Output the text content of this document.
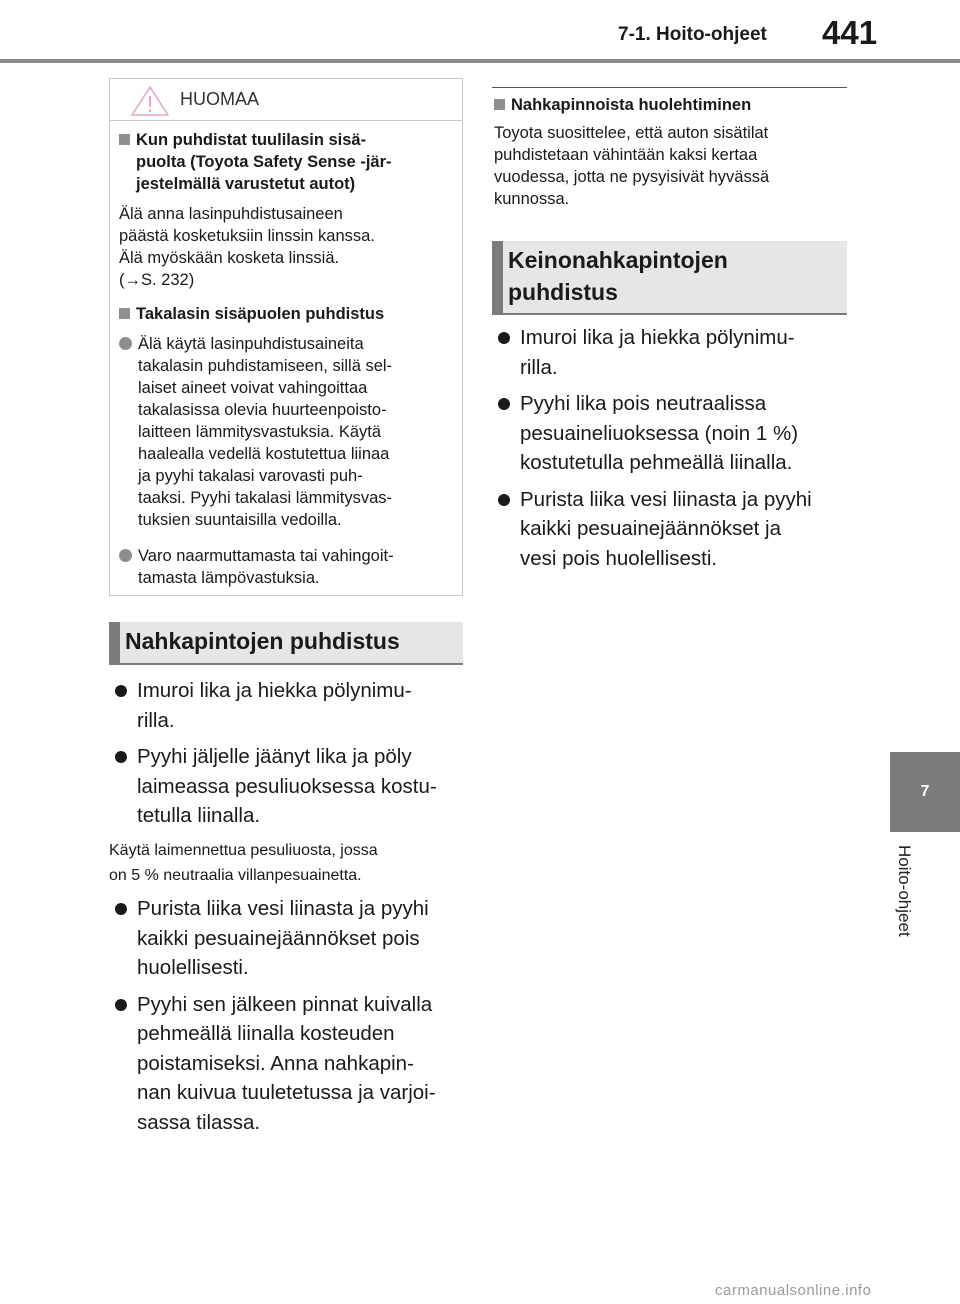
7-1. Hoito-ohjeet 441
7
Hoito-ohjeet
HUOMAA
Kun puhdistat tuulilasin sisä-
puolta (Toyota Safety Sense -jär-
jestelmällä varustetut autot)
Älä anna lasinpuhdistusaineen
päästä kosketuksiin linssin kanssa.
Älä myöskään kosketa linssiä.
(→S. 232)
Takalasin sisäpuolen puhdistus
Älä käytä lasinpuhdistusaineita
takalasin puhdistamiseen, sillä sel-
laiset aineet voivat vahingoittaa
takalasissa olevia huurteenpoisto-
laitteen lämmitysvastuksia. Käytä
haalealla vedellä kostutettua liinaa
ja pyyhi takalasi varovasti puh-
taaksi. Pyyhi takalasi lämmitysvas-
tuksien suuntaisilla vedoilla.
Varo naarmuttamasta tai vahingoit-
tamasta lämpövastuksia.
Nahkapintojen puhdistus
Imuroi lika ja hiekka pölynimu-
rilla.
Pyyhi jäljelle jäänyt lika ja pöly
laimeassa pesuliuoksessa kostu-
tetulla liinalla.
Käytä laimennettua pesuliuosta, jossa
on 5 % neutraalia villanpesuainetta.
Purista liika vesi liinasta ja pyyhi
kaikki pesuainejäännökset pois
huolellisesti.
Pyyhi sen jälkeen pinnat kuivalla
pehmeällä liinalla kosteuden
poistamiseksi. Anna nahkapin-
nan kuivua tuuletetussa ja varjoi-
sassa tilassa.
Nahkapinnoista huolehtiminen
Toyota suosittelee, että auton sisätilat
puhdistetaan vähintään kaksi kertaa
vuodessa, jotta ne pysyisivät hyvässä
kunnossa.
Keinonahkapintojen
puhdistus
Imuroi lika ja hiekka pölynimu-
rilla.
Pyyhi lika pois neutraalissa
pesuaineliuoksessa (noin 1 %)
kostutetulla pehmeällä liinalla.
Purista liika vesi liinasta ja pyyhi
kaikki pesuainejäännökset ja
vesi pois huolellisesti.
carmanualsonline.info
